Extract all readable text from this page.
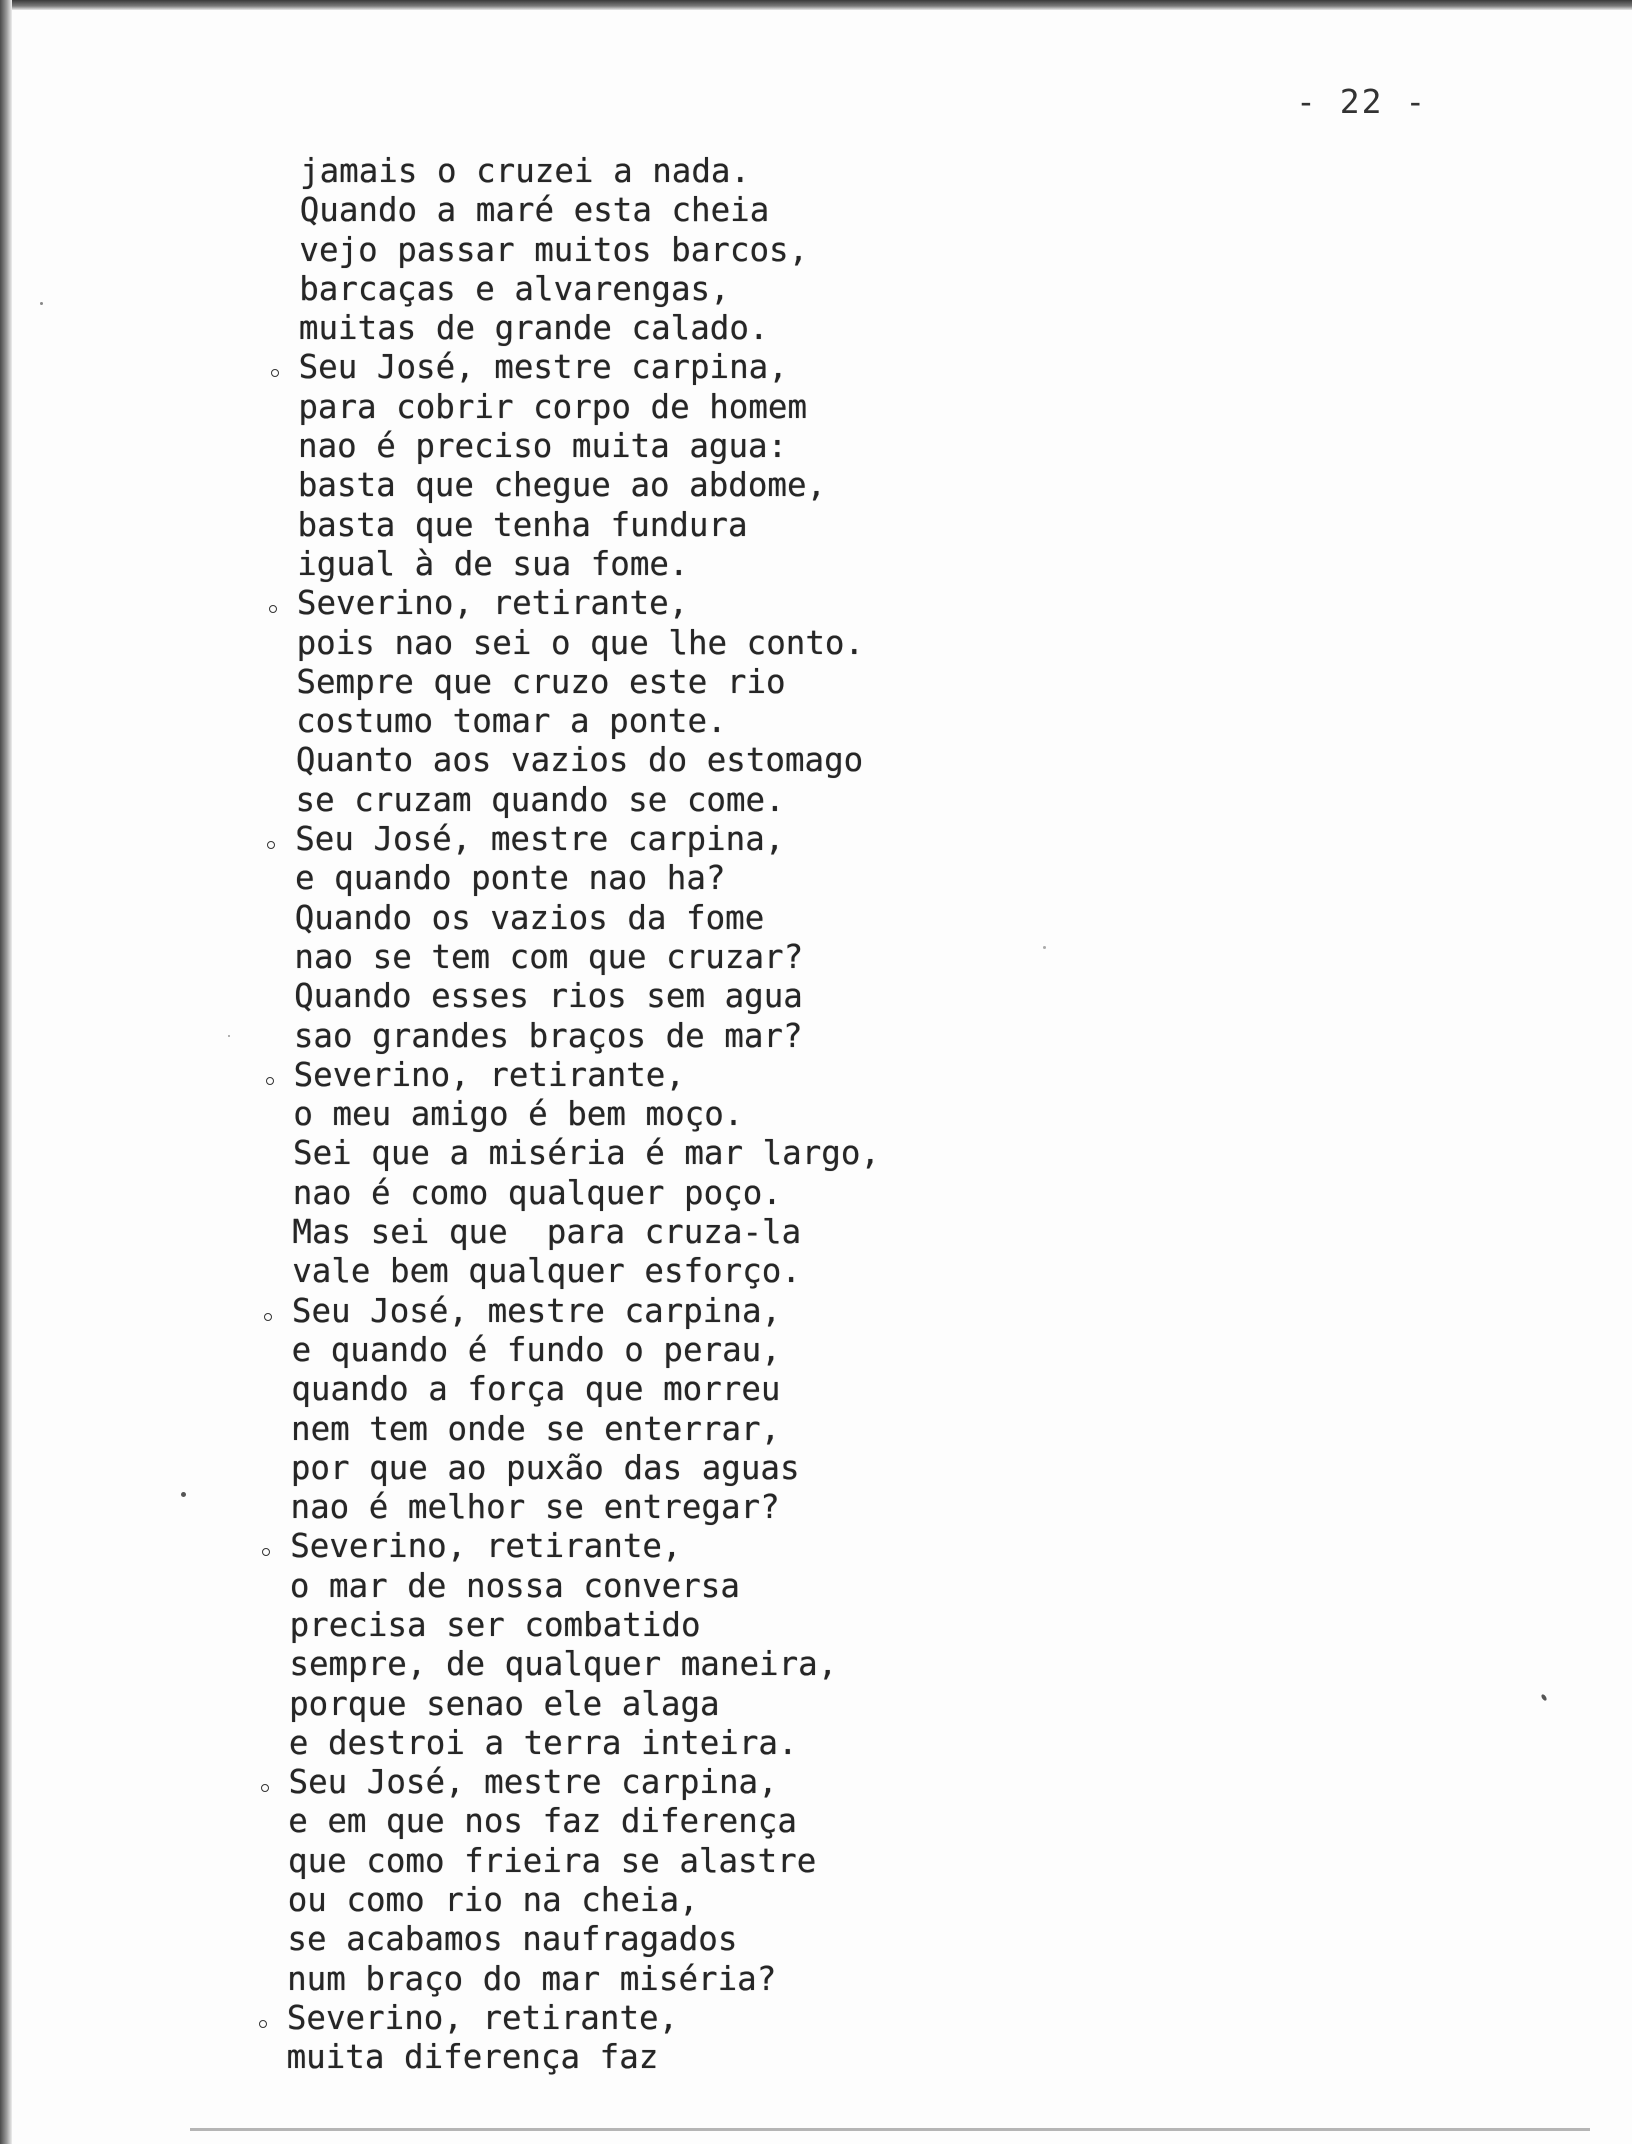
- 22 -
jamais o cruzei a nada.
Quando a maré esta cheia
vejo passar muitos barcos,
barcaças e alvarengas,
muitas de grande calado.
Seu José, mestre carpina,
para cobrir corpo de homem
nao é preciso muita agua:
basta que chegue ao abdome,
basta que tenha fundura
igual à de sua fome.
Severino, retirante,
pois nao sei o que lhe conto.
Sempre que cruzo este rio
costumo tomar a ponte.
Quanto aos vazios do estomago
se cruzam quando se come.
Seu José, mestre carpina,
e quando ponte nao ha?
Quando os vazios da fome
nao se tem com que cruzar?
Quando esses rios sem agua
sao grandes braços de mar?
Severino, retirante,
o meu amigo é bem moço.
Sei que a miséria é mar largo,
nao é como qualquer poço.
Mas sei que  para cruza-la
vale bem qualquer esforço.
Seu José, mestre carpina,
e quando é fundo o perau,
quando a força que morreu
nem tem onde se enterrar,
por que ao puxão das aguas
nao é melhor se entregar?
Severino, retirante,
o mar de nossa conversa
precisa ser combatido
sempre, de qualquer maneira,
porque senao ele alaga
e destroi a terra inteira.
Seu José, mestre carpina,
e em que nos faz diferença
que como frieira se alastre
ou como rio na cheia,
se acabamos naufragados
num braço do mar miséria?
Severino, retirante,
muita diferença faz
